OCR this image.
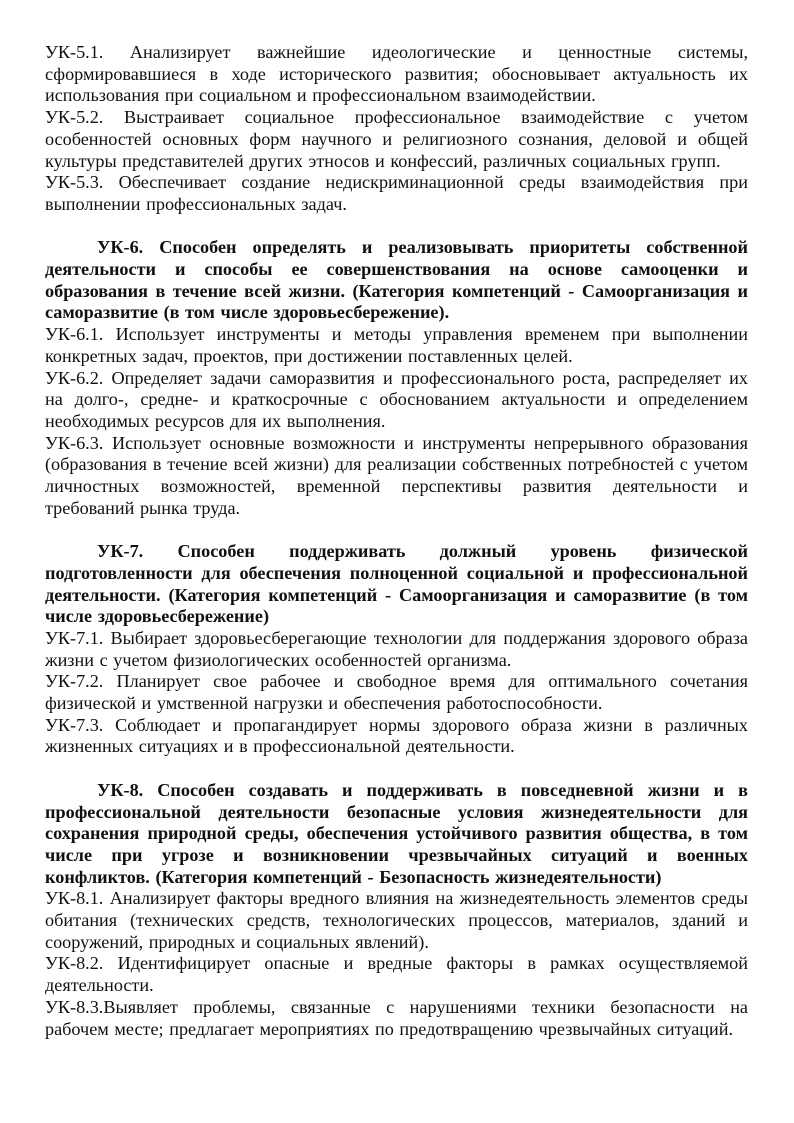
УК-5.1. Анализирует важнейшие идеологические и ценностные системы, сформировавшиеся в ходе исторического развития; обосновывает актуальность их использования при социальном и профессиональном взаимодействии.

УК-5.2. Выстраивает социальное профессиональное взаимодействие с учетом особенностей основных форм научного и религиозного сознания, деловой и общей культуры представителей других этносов и конфессий, различных социальных групп.

УК-5.3. Обеспечивает создание недискриминационной среды взаимодействия при выполнении профессиональных задач.

УК-6. Способен определять и реализовывать приоритеты собственной деятельности и способы ее совершенствования на основе самооценки и образования в течение всей жизни. (Категория компетенций - Самоорганизация и саморазвитие (в том числе здоровьесбережение).

УК-6.1. Использует инструменты и методы управления временем при выполнении конкретных задач, проектов, при достижении поставленных целей.

УК-6.2. Определяет задачи саморазвития и профессионального роста, распределяет их на долго-, средне- и краткосрочные с обоснованием актуальности и определением необходимых ресурсов для их выполнения.

УК-6.3. Использует основные возможности и инструменты непрерывного образования (образования в течение всей жизни) для реализации собственных потребностей с учетом личностных возможностей, временной перспективы развития деятельности и требований рынка труда.

УК-7. Способен поддерживать должный уровень физической подготовленности для обеспечения полноценной социальной и профессиональной деятельности. (Категория компетенций - Самоорганизация и саморазвитие (в том числе здоровьесбережение)

УК-7.1. Выбирает здоровьесберегающие технологии для поддержания здорового образа жизни с учетом физиологических особенностей организма.

УК-7.2. Планирует свое рабочее и свободное время для оптимального сочетания физической и умственной нагрузки и обеспечения работоспособности.

УК-7.3. Соблюдает и пропагандирует нормы здорового образа жизни в различных жизненных ситуациях и в профессиональной деятельности.

УК-8. Способен создавать и поддерживать в повседневной жизни и в профессиональной деятельности безопасные условия жизнедеятельности для сохранения природной среды, обеспечения устойчивого развития общества, в том числе при угрозе и возникновении чрезвычайных ситуаций и военных конфликтов. (Категория компетенций - Безопасность жизнедеятельности)

УК-8.1. Анализирует факторы вредного влияния на жизнедеятельность элементов среды обитания (технических средств, технологических процессов, материалов, зданий и сооружений, природных и социальных явлений).

УК-8.2. Идентифицирует опасные и вредные факторы в рамках осуществляемой деятельности.

УК-8.3.Выявляет проблемы, связанные с нарушениями техники безопасности на рабочем месте; предлагает мероприятиях по предотвращению чрезвычайных ситуаций.
